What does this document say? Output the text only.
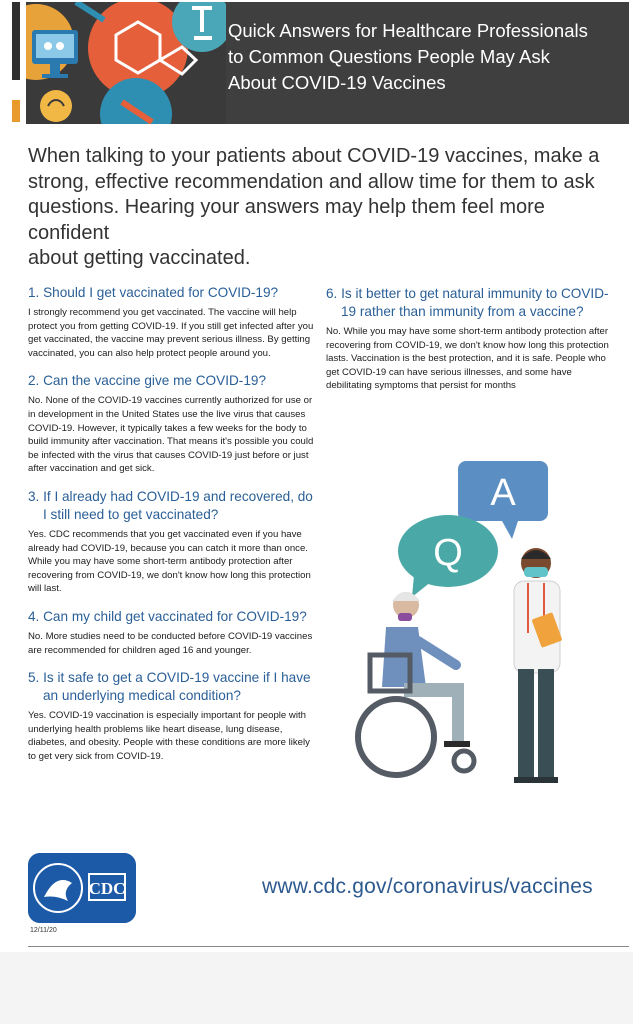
Quick Answers for Healthcare Professionals
to Common Questions People May Ask
About COVID-19 Vaccines
When talking to your patients about COVID-19 vaccines, make a
strong, effective recommendation and allow time for them to ask
questions. Hearing your answers may help them feel more confident
about getting vaccinated.
1. Should I get vaccinated for COVID-19?

I strongly recommend you get vaccinated. The vaccine will help protect you from getting COVID-19. If you still get infected after you get vaccinated, the vaccine may prevent serious illness. By getting vaccinated, you can also help protect people around you.

2. Can the vaccine give me COVID-19?

No. None of the COVID-19 vaccines currently authorized for use or in development in the United States use the live virus that causes COVID-19. However, it typically takes a few weeks for the body to build immunity after vaccination. That means it's possible you could be infected with the virus that causes COVID-19 just before or just after vaccination and get sick.

3. If I already had COVID-19 and recovered, do I still need to get vaccinated?

Yes. CDC recommends that you get vaccinated even if you have already had COVID-19, because you can catch it more than once. While you may have some short-term antibody protection after recovering from COVID-19, we don't know how long this protection will last.

4. Can my child get vaccinated for COVID-19?

No. More studies need to be conducted before COVID-19 vaccines are recommended for children aged 16 and younger.

5. Is it safe to get a COVID-19 vaccine if I have an underlying medical condition?

Yes. COVID-19 vaccination is especially important for people with underlying health problems like heart disease, lung disease, diabetes, and obesity. People with these conditions are more likely to get very sick from COVID-19.

6. Is it better to get natural immunity to COVID-19 rather than immunity from a vaccine?

No. While you may have some short-term antibody protection after recovering from COVID-19, we don't know how long this protection lasts. Vaccination is the best protection, and it is safe. People who get COVID-19 can have serious illnesses, and some have debilitating symptoms that persist for months

A
Q
CDC	www.cdc.gov/coronavirus/vaccines
12/11/20
